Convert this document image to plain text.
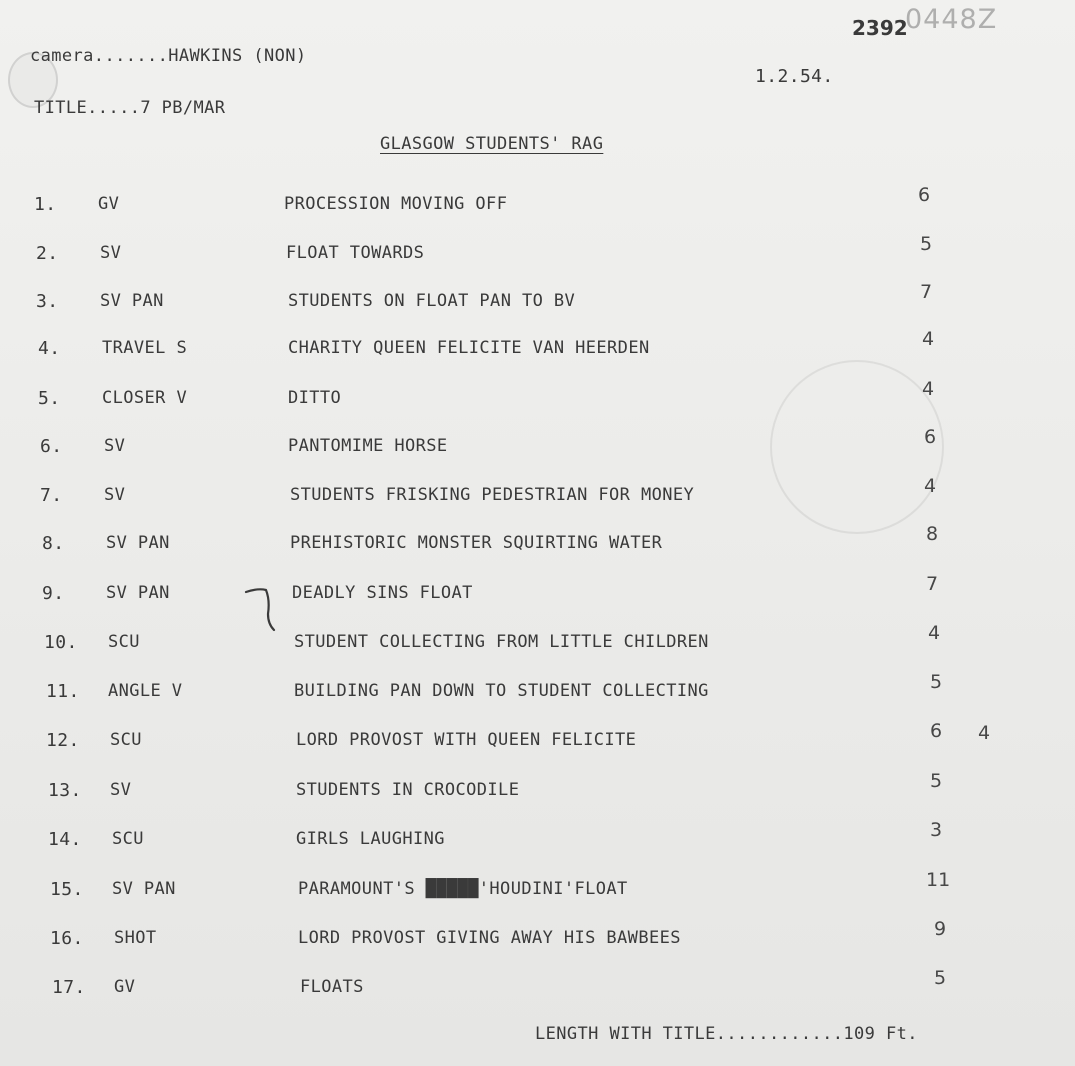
2392
0448Z
camera.......HAWKINS (NON)
TITLE.....7 PB/MAR
1.2.54.
GLASGOW STUDENTS' RAG
1. GV	PROCESSION MOVING OFF	6
2. SV	FLOAT TOWARDS	5
3. SV PAN	STUDENTS ON FLOAT PAN TO BV	7
4. TRAVEL S	CHARITY QUEEN FELICITE VAN HEERDEN	4
5. CLOSER V	DITTO	4
6. SV	PANTOMIME HORSE	6
7. SV	STUDENTS FRISKING PEDESTRIAN FOR MONEY	4
8. SV PAN	PREHISTORIC MONSTER SQUIRTING WATER	8
9. SV PAN	DEADLY SINS FLOAT	7
10. SCU	STUDENT COLLECTING FROM LITTLE CHILDREN	4
11. ANGLE V	BUILDING PAN DOWN TO STUDENT COLLECTING	5
12. SCU	LORD PROVOST WITH QUEEN FELICITE	6 4
13. SV	STUDENTS IN CROCODILE	5
14. SCU	GIRLS LAUGHING	3
15. SV PAN	PARAMOUNT'S █████'HOUDINI'FLOAT	11
16. SHOT	LORD PROVOST GIVING AWAY HIS BAWBEES	9
17. GV	FLOATS	5
LENGTH WITH TITLE............109 Ft.
